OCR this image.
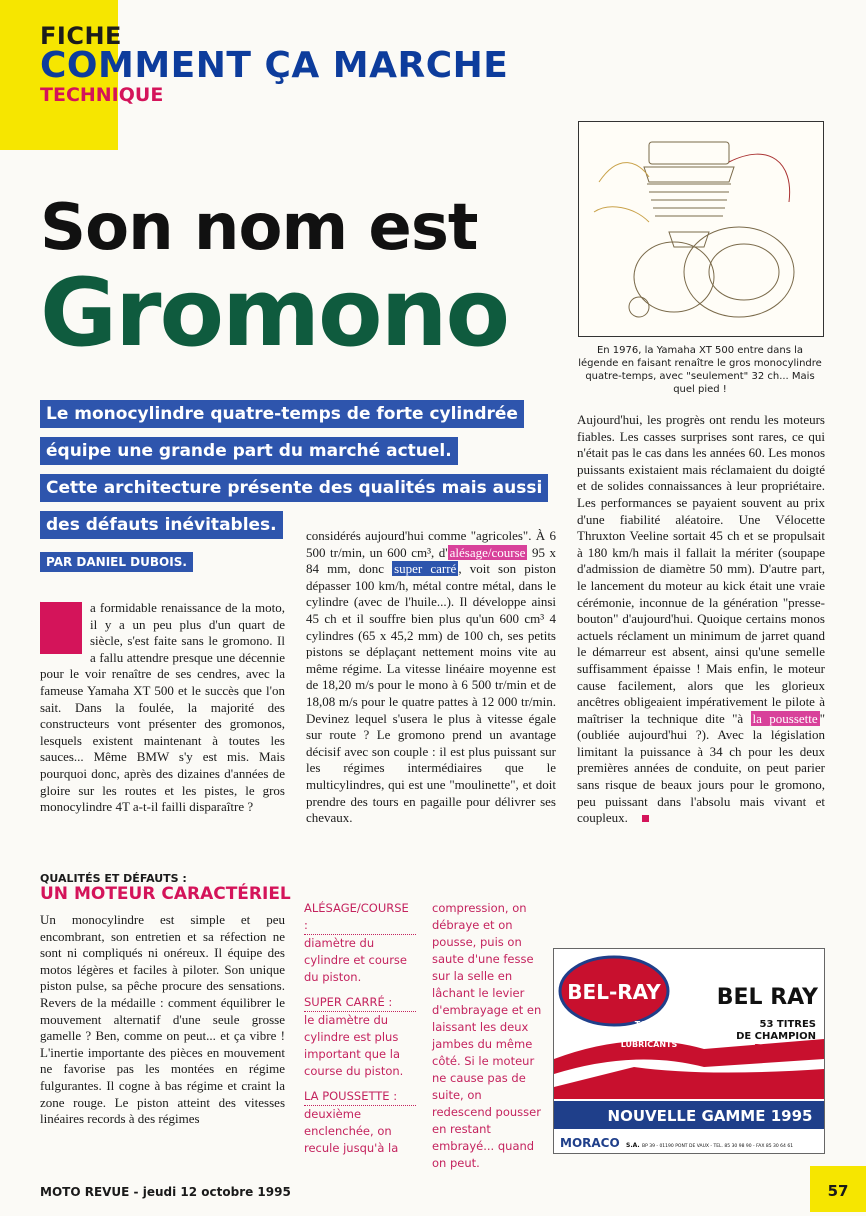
FICHE
COMMENT ÇA MARCHE
TECHNIQUE
Son nom est
Gromono
Le monocylindre quatre-temps de forte cylindrée
équipe une grande part du marché actuel.
Cette architecture présente des qualités mais aussi
des défauts inévitables.
PAR DANIEL DUBOIS.
L	a formidable renaissance de la moto, il y a un peu plus d'un quart de siècle, s'est faite sans le gromono. Il a fallu attendre presque une décennie pour le voir renaître de ses cendres, avec la fameuse Yamaha XT 500 et le succès que l'on sait. Dans la foulée, la majorité des constructeurs vont présenter des gromonos, lesquels existent maintenant à toutes les sauces... Même BMW s'y est mis. Mais pourquoi donc, après des dizaines d'années de gloire sur les routes et les pistes, le gros monocylindre 4T a-t-il failli disparaître ?

QUALITÉS ET DÉFAUTS :
UN MOTEUR CARACTÉRIEL

Un monocylindre est simple et peu encombrant, son entretien et sa réfection ne sont ni compliqués ni onéreux. Il équipe des motos légères et faciles à piloter. Son unique piston pulse, sa pêche procure des sensations. Revers de la médaille : comment équilibrer le mouvement alternatif d'une seule grosse gamelle ? Ben, comme on peut... et ça vibre ! L'inertie importante des pièces en mouvement ne favorise pas les montées en régime fulgurantes. Il cogne à bas régime et craint la zone rouge. Le piston atteint des vitesses linéaires records à des régimes

considérés aujourd'hui comme "agricoles". À 6 500 tr/min, un 600 cm³, d' alésage/course 95 x 84 mm, donc super carré , voit son piston dépasser 100 km/h, métal contre métal, dans le cylindre (avec de l'huile...). Il développe ainsi 45 ch et il souffre bien plus qu'un 600 cm³ 4 cylindres (65 x 45,2 mm) de 100 ch, ses petits pistons se déplaçant nettement moins vite au même régime. La vitesse linéaire moyenne est de 18,20 m/s pour le mono à 6 500 tr/min et de 18,08 m/s pour le quatre pattes à 12 000 tr/min. Devinez lequel s'usera le plus à vitesse égale sur route ? Le gromono prend un avantage décisif avec son couple : il est plus puissant sur les régimes intermédiaires que le multicylindres, qui est une "moulinette", et doit prendre des tours en pagaille pour délivrer ses chevaux.

ALÉSAGE/COURSE :
diamètre du cylindre et course du piston.

SUPER CARRÉ :
le diamètre du cylindre est plus important que la course du piston.

LA POUSSETTE :
deuxième enclenchée, on recule jusqu'à la

compression, on débraye et on pousse, puis on saute d'une fesse sur la selle en lâchant le levier d'embrayage et en laissant les deux jambes du même côté. Si le moteur ne cause pas de suite, on redescend pousser en restant embrayé... quand on peut.

En 1976, la Yamaha XT 500 entre dans la légende en faisant renaître le gros monocylindre quatre-temps, avec "seulement" 32 ch... Mais quel pied !

Aujourd'hui, les progrès ont rendu les moteurs fiables. Les casses surprises sont rares, ce qui n'était pas le cas dans les années 60. Les monos puissants existaient mais réclamaient du doigté et de solides connaissances à leur propriétaire. Les performances se payaient souvent au prix d'une fiabilité aléatoire. Une Vélocette Thruxton Veeline sortait 45 ch et se propulsait à 180 km/h mais il fallait la mériter (soupape d'admission de diamètre 50 mm). D'autre part, le lancement du moteur au kick était une vraie cérémonie, inconnue de la génération "presse-bouton" d'aujourd'hui. Quoique certains monos actuels réclament un minimum de jarret quand le démarreur est absent, ainsi qu'une semelle suffisamment épaisse ! Mais enfin, le moteur cause facilement, alors que les glorieux ancêtres obligeaient impérativement le pilote à maîtriser la technique dite "à la poussette " (oubliée aujourd'hui ?). Avec la législation limitant la puissance à 34 ch pour les deux premières années de conduite, on peut parier sans risque de beaux jours pour le gromono, peu puissant dans l'absolu mais vivant et coupleux.

BEL-RAY
TOTAL
PERFORMANCE
LUBRICANTS
BEL RAY
53 TITRES
DE CHAMPION
DU MONDE
NOUVELLE GAMME 1995
MORACO S.A. BP 39 - 01190 PONT DE VAUX - TEL. 85 30 98 90 - FAX 85 30 64 61
MOTO REVUE - jeudi 12 octobre 1995	57
